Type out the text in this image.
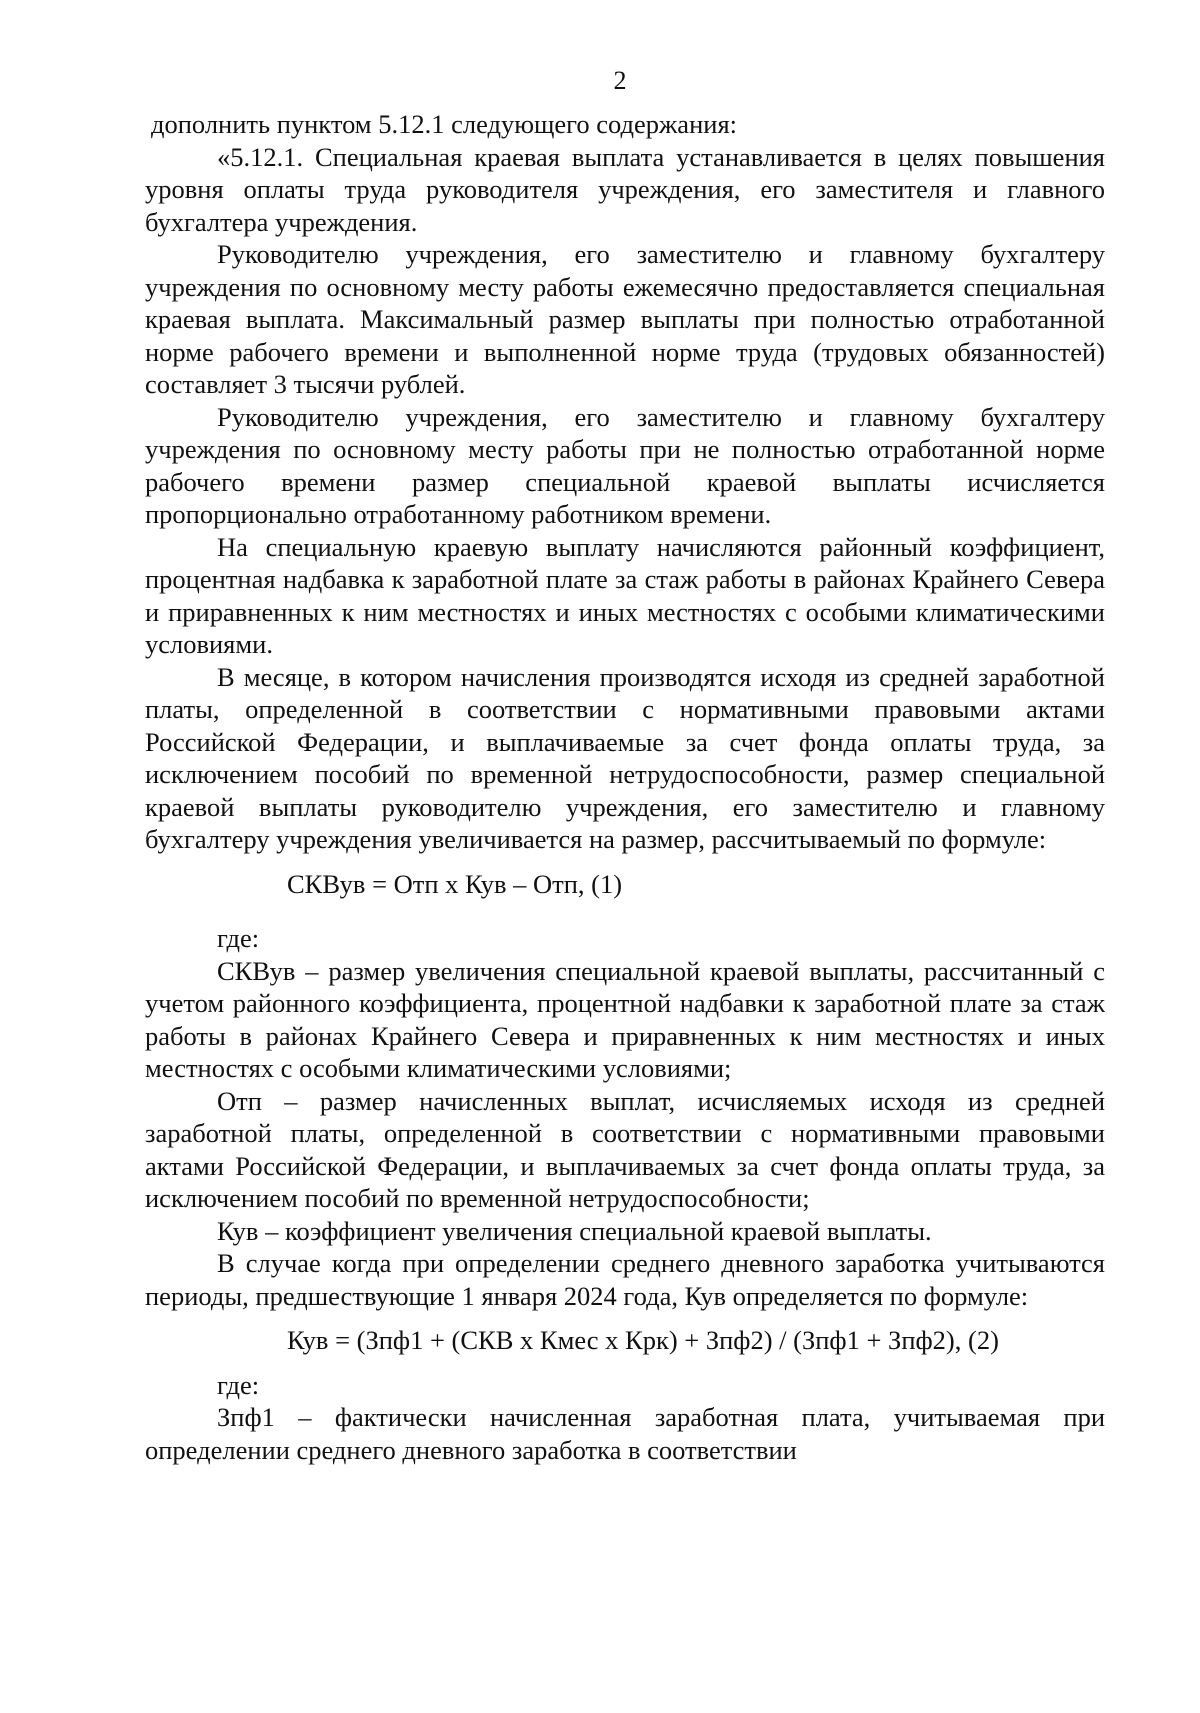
2

дополнить пунктом 5.12.1 следующего содержания:

«5.12.1. Специальная краевая выплата устанавливается в целях повышения уровня оплаты труда руководителя учреждения, его заместителя и главного бухгалтера учреждения.

Руководителю учреждения, его заместителю и главному бухгалтеру учреждения по основному месту работы ежемесячно предоставляется специальная краевая выплата. Максимальный размер выплаты при полностью отработанной норме рабочего времени и выполненной норме труда (трудовых обязанностей) составляет 3 тысячи рублей.

Руководителю учреждения, его заместителю и главному бухгалтеру учреждения по основному месту работы при не полностью отработанной норме рабочего времени размер специальной краевой выплаты исчисляется пропорционально отработанному работником времени.

На специальную краевую выплату начисляются районный коэффициент, процентная надбавка к заработной плате за стаж работы в районах Крайнего Севера и приравненных к ним местностях и иных местностях с особыми климатическими условиями.

В месяце, в котором начисления производятся исходя из средней заработной платы, определенной в соответствии с нормативными правовыми актами Российской Федерации, и выплачиваемые за счет фонда оплаты труда, за исключением пособий по временной нетрудоспособности, размер специальной краевой выплаты руководителю учреждения, его заместителю и главному бухгалтеру учреждения увеличивается на размер, рассчитываемый по формуле:

СКВув = Отп х Кув – Отп, (1)

где:

СКВув – размер увеличения специальной краевой выплаты, рассчитанный с учетом районного коэффициента, процентной надбавки к заработной плате за стаж работы в районах Крайнего Севера и приравненных к ним местностях и иных местностях с особыми климатическими условиями;

Отп – размер начисленных выплат, исчисляемых исходя из средней заработной платы, определенной в соответствии с нормативными правовыми актами Российской Федерации, и выплачиваемых за счет фонда оплаты труда, за исключением пособий по временной нетрудоспособности;

Кув – коэффициент увеличения специальной краевой выплаты.

В случае когда при определении среднего дневного заработка учитываются периоды, предшествующие 1 января 2024 года, Кув определяется по формуле:

Кув = (Зпф1 + (СКВ х Кмес х Крк) + Зпф2) / (Зпф1 + Зпф2), (2)

где:

Зпф1 – фактически начисленная заработная плата, учитываемая при определении среднего дневного заработка в соответствии
